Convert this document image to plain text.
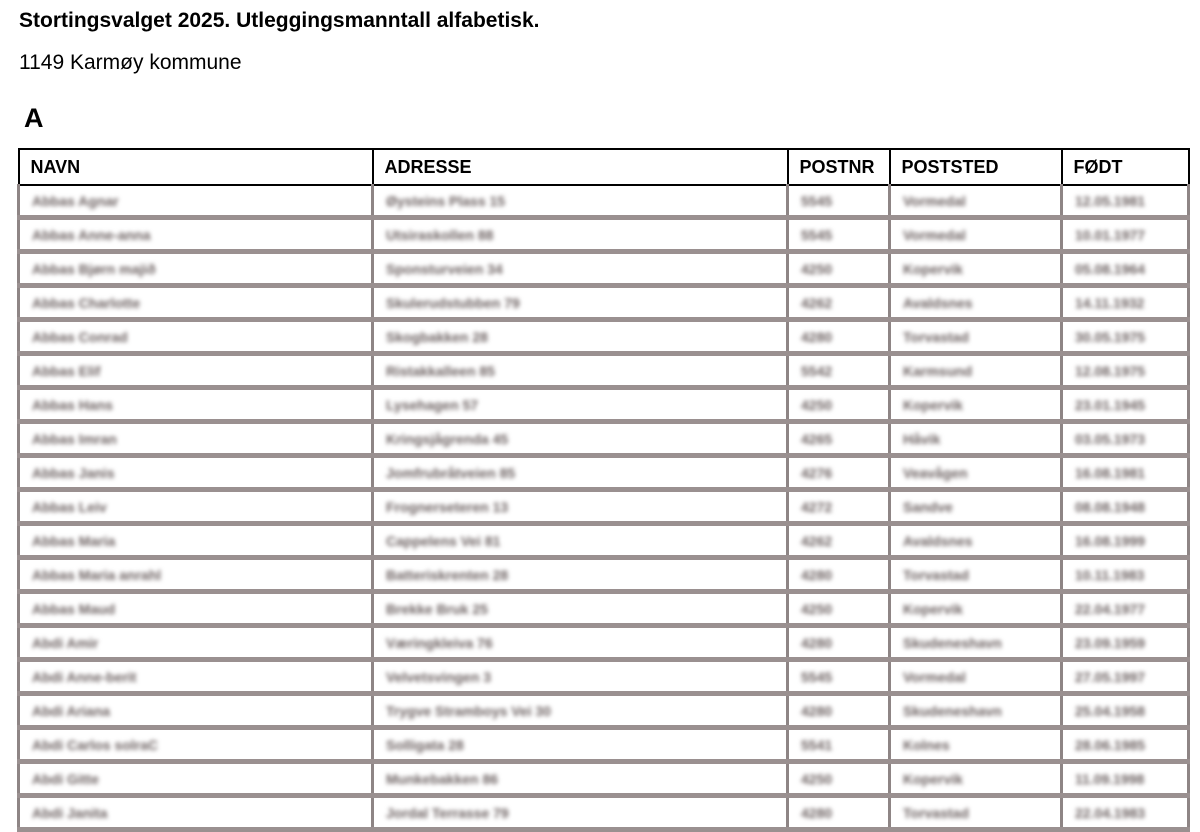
Stortingsvalget 2025. Utleggingsmanntall alfabetisk.

1149 Karmøy kommune

A
NAVN	ADRESSE	POSTNR	POSTSTED	FØDT
Abbas Agnar	Øysteins Plass 15	5545	Vormedal	12.05.1981
Abbas Anne-anna	Utsiraskollen 88	5545	Vormedal	10.01.1977
Abbas Bjørn majið	Sponsturveien 34	4250	Kopervik	05.08.1964
Abbas Charlotte	Skulerudstubben 79	4262	Avaldsnes	14.11.1932
Abbas Conrad	Skogbakken 28	4280	Torvastad	30.05.1975
Abbas Elif	Ristakkalleen 85	5542	Karmsund	12.08.1975
Abbas Hans	Lysehagen 57	4250	Kopervik	23.01.1945
Abbas Imran	Kringsjågrenda 45	4265	Håvik	03.05.1973
Abbas Janis	Jomfrubråtveien 85	4276	Veavågen	16.08.1981
Abbas Leiv	Frognerseteren 13	4272	Sandve	08.08.1948
Abbas Maria	Cappelens Vei 81	4262	Avaldsnes	16.08.1999
Abbas Maria anrahl	Batteriskrenten 28	4280	Torvastad	10.11.1983
Abbas Maud	Brekke Bruk 25	4250	Kopervik	22.04.1977
Abdi Amir	Væringkleiva 76	4280	Skudeneshavn	23.09.1959
Abdi Anne-berit	Velvetsvingen 3	5545	Vormedal	27.05.1997
Abdi Ariana	Trygve Stramboys Vei 30	4280	Skudeneshavn	25.04.1958
Abdi Carlos solraC	Solligata 28	5541	Kolnes	28.06.1985
Abdi Gitte	Munkebakken 86	4250	Kopervik	11.09.1998
Abdi Janita	Jordal Terrasse 79	4280	Torvastad	22.04.1983
